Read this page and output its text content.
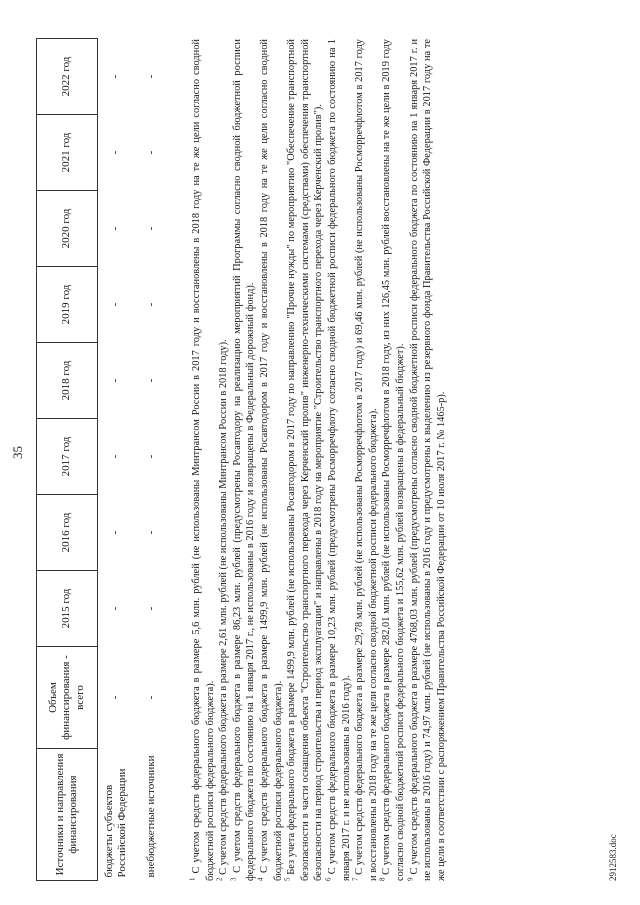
35
Источники и направления финансирования	Объем финансирования - всего	2015 год	2016 год	2017 год	2018 год	2019 год	2020 год	2021 год	2022 год
бюджеты субъектов Российской Федерации	-	-	-	-	-	-	-	-	-
внебюджетные источники	-	-	-	-	-	-	-	-	-

$^1$ С учетом средств федерального бюджета в размере 5,6 млн. рублей (не использованы Минтрансом России в 2017 году и восстановлены в 2018 году на те же цели согласно сводной бюджетной росписи федерального бюджета). $^2$ С учетом средств федерального бюджета в размере 2,61 млн. рублей (не использованы Минтрансом России в 2018 году).

$^3$ С учетом средств федерального бюджета в размере 86,23 млн. рублей (предусмотрены Росавтодору на реализацию мероприятий Программы согласно сводной бюджетной росписи федерального бюджета по состоянию на 1 января 2017 г., не использованы в 2016 году и возвращены в Федеральный дорожный фонд). $^4$ С учетом средств федерального бюджета в размере 1499,9 млн. рублей (не использованы Росавтодором в 2017 году и восстановлены в 2018 году на те же цели согласно сводной бюджетной росписи федерального бюджета). $^5$ Без учета федерального бюджета в размере 1499,9 млн. рублей (не использованы Росавтодором в 2017 году по направлению "Прочие нужды" по мероприятию "Обеспечение транспортной безопасности в части оснащения объекта "Строительство транспортного перехода через Керченский пролив" инженерно-техническими системами (средствами) обеспечения транспортной безопасности на период строительства и период эксплуатации" и направлены в 2018 году на мероприятие "Строительство транспортного перехода через Керченский пролив"). $^6$ С учетом средств федерального бюджета в размере 10,23 млн. рублей (предусмотрены Росморречфлоту согласно сводной бюджетной росписи федерального бюджета по состоянию на 1 января 2017 г. и не использованы в 2016 году). $^7$ С учетом средств федерального бюджета в размере 29,78 млн. рублей (не использованы Росморречфлотом в 2017 году) и 69,46 млн. рублей (не использованы Росморречфлотом в 2017 году и восстановлены в 2018 году на те же цели согласно сводной бюджетной росписи федерального бюджета). $^8$ С учетом средств федерального бюджета в размере 282,01 млн. рублей (не использованы Росморречфлотом в 2018 году, из них 126,45 млн. рублей восстановлены на те же цели в 2019 году согласно сводной бюджетной росписи федерального бюджета и 155,62 млн. рублей возвращены в федеральный бюджет). $^9$ С учетом средств федерального бюджета в размере 4768,03 млн. рублей (предусмотрены согласно сводной бюджетной росписи федерального бюджета по состоянию на 1 января 2017 г. и не использованы в 2016 году) и 74,97 млн. рублей (не использованы в 2016 году и предусмотрены к выделению из резервного фонда Правительства Российской Федерации в 2017 году на те же цели в соответствии с распоряжением Правительства Российской Федерации от 10 июля 2017 г. № 1465-р).	2912583.doc
